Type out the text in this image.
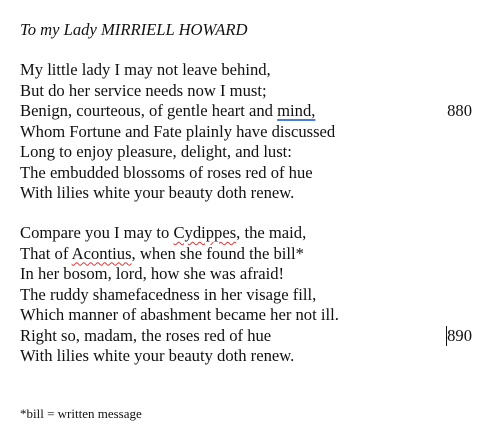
To my Lady MIRRIELL HOWARD
My little lady I may not leave behind,
But do her service needs now I must;
Benign, courteous, of gentle heart and mind,	880
Whom Fortune and Fate plainly have discussed
Long to enjoy pleasure, delight, and lust:
The embudded blossoms of roses red of hue
With lilies white your beauty doth renew.
Compare you I may to Cydippes, the maid,
That of Acontius, when she found the bill*
In her bosom, lord, how she was afraid!
The ruddy shamefacedness in her visage fill,
Which manner of abashment became her not ill.
Right so, madam, the roses red of hue	890
With lilies white your beauty doth renew.
*bill = written message
